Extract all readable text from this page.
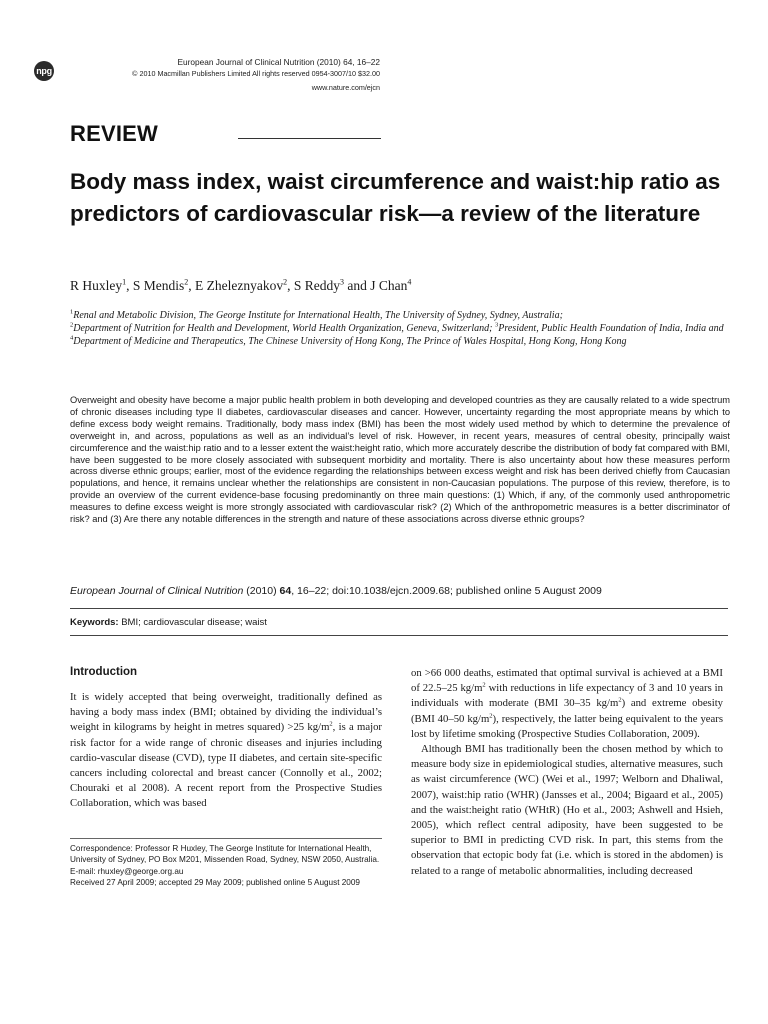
npg
European Journal of Clinical Nutrition (2010) 64, 16–22
© 2010 Macmillan Publishers Limited All rights reserved 0954-3007/10 $32.00
www.nature.com/ejcn
REVIEW
Body mass index, waist circumference and waist:hip ratio as predictors of cardiovascular risk—a review of the literature
R Huxley$^1$, S Mendis$^2$, E Zheleznyakov$^2$, S Reddy$^3$ and J Chan$^4$
$^1$Renal and Metabolic Division, The George Institute for International Health, The University of Sydney, Sydney, Australia;
$^2$Department of Nutrition for Health and Development, World Health Organization, Geneva, Switzerland; $^3$President, Public Health Foundation of India, India and $^4$Department of Medicine and Therapeutics, The Chinese University of Hong Kong, The Prince of Wales Hospital, Hong Kong, Hong Kong

Overweight and obesity have become a major public health problem in both developing and developed countries as they are causally related to a wide spectrum of chronic diseases including type II diabetes, cardiovascular diseases and cancer. However, uncertainty regarding the most appropriate means by which to define excess body weight remains. Traditionally, body mass index (BMI) has been the most widely used method by which to determine the prevalence of overweight in, and across, populations as well as an individual’s level of risk. However, in recent years, measures of central obesity, principally waist circumference and the waist:hip ratio and to a lesser extent the waist:height ratio, which more accurately describe the distribution of body fat compared with BMI, have been suggested to be more closely associated with subsequent morbidity and mortality. There is also uncertainty about how these measures perform across diverse ethnic groups; earlier, most of the evidence regarding the relationships between excess weight and risk has been derived chiefly from Caucasian populations, and hence, it remains unclear whether the relationships are consistent in non-Caucasian populations. The purpose of this review, therefore, is to provide an overview of the current evidence-base focusing predominantly on three main questions: (1) Which, if any, of the commonly used anthropometric measures to define excess weight is more strongly associated with cardiovascular risk? (2) Which of the anthropometric measures is a better discriminator of risk? and (3) Are there any notable differences in the strength and nature of these associations across diverse ethnic groups?

European Journal of Clinical Nutrition (2010) 64, 16–22; doi:10.1038/ejcn.2009.68; published online 5 August 2009
Keywords: BMI; cardiovascular disease; waist
Introduction

It is widely accepted that being overweight, traditionally defined as having a body mass index (BMI; obtained by dividing the individual’s weight in kilograms by height in metres squared) >25 $kg/m^2$, is a major risk factor for a wide range of chronic diseases and injuries including cardio-vascular disease (CVD), type II diabetes, and certain site-specific cancers including colorectal and breast cancer (Connolly et al., 2002; Chouraki et al 2008). A recent report from the Prospective Studies Collaboration, which was based

on >66 000 deaths, estimated that optimal survival is achieved at a BMI of 22.5–25 $kg/m^2$ with reductions in life expectancy of 3 and 10 years in individuals with moderate (BMI 30–35 $kg/m^2$) and extreme obesity (BMI 40–50 $kg/m^2$), respectively, the latter being equivalent to the years lost by lifetime smoking (Prospective Studies Collaboration, 2009).

Although BMI has traditionally been the chosen method by which to measure body size in epidemiological studies, alternative measures, such as waist circumference (WC) (Wei et al., 1997; Welborn and Dhaliwal, 2007), waist:hip ratio (WHR) (Jansses et al., 2004; Bigaard et al., 2005) and the waist:height ratio (WHtR) (Ho et al., 2003; Ashwell and Hsieh, 2005), which reflect central adiposity, have been suggested to be superior to BMI in predicting CVD risk. In part, this stems from the observation that ectopic body fat (i.e. which is stored in the abdomen) is related to a range of metabolic abnormalities, including decreased

Correspondence: Professor R Huxley, The George Institute for International Health, University of Sydney, PO Box M201, Missenden Road, Sydney, NSW 2050, Australia.
E-mail: rhuxley@george.org.au
Received 27 April 2009; accepted 29 May 2009; published online 5 August 2009
